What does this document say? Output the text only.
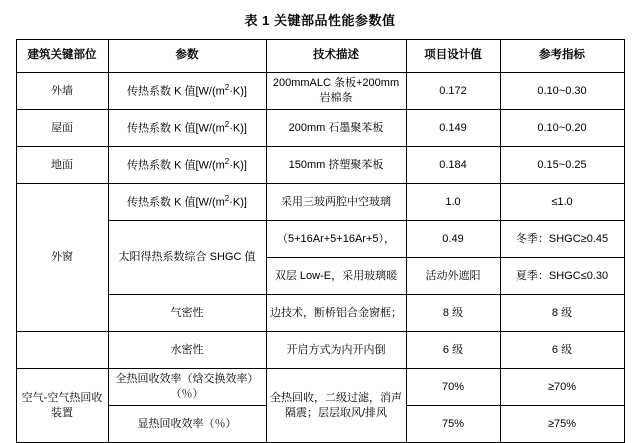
表 1 关键部品性能参数值
建筑关键部位	参数	技术描述	项目设计值	参考指标
外墙	传热系数 K 值$[W/(m^2\cdot K)]$	200mmALC 条板+200mm 岩棉条	0.172	0.10~0.30
屋面	传热系数 K 值$[W/(m^2\cdot K)]$	200mm 石墨聚苯板	0.149	0.10~0.20
地面	传热系数 K 值$[W/(m^2\cdot K)]$	150mm 挤塑聚苯板	0.184	0.15~0.25
外窗	传热系数 K 值$[W/(m^2\cdot K)]$	采用三玻两腔中空玻璃	1.0	≤1.0
	太阳得热系数综合 SHGC 值	（5+16Ar+5+16Ar+5），	0.49	冬季：SHGC≥0.45
		双层 Low-E，采用玻璃暖	活动外遮阳	夏季：SHGC≤0.30
	气密性	边技术，断桥铝合金窗框；	8 级	8 级
	水密性	开启方式为内开内倒	6 级	6 级
空气-空气热回收装置	全热回收效率（焓交换效率）（％）	全热回收，二级过滤，消声隔震；层层取风/排风	70%	≥70%
	显热回收效率（％）		75%	≥75%
